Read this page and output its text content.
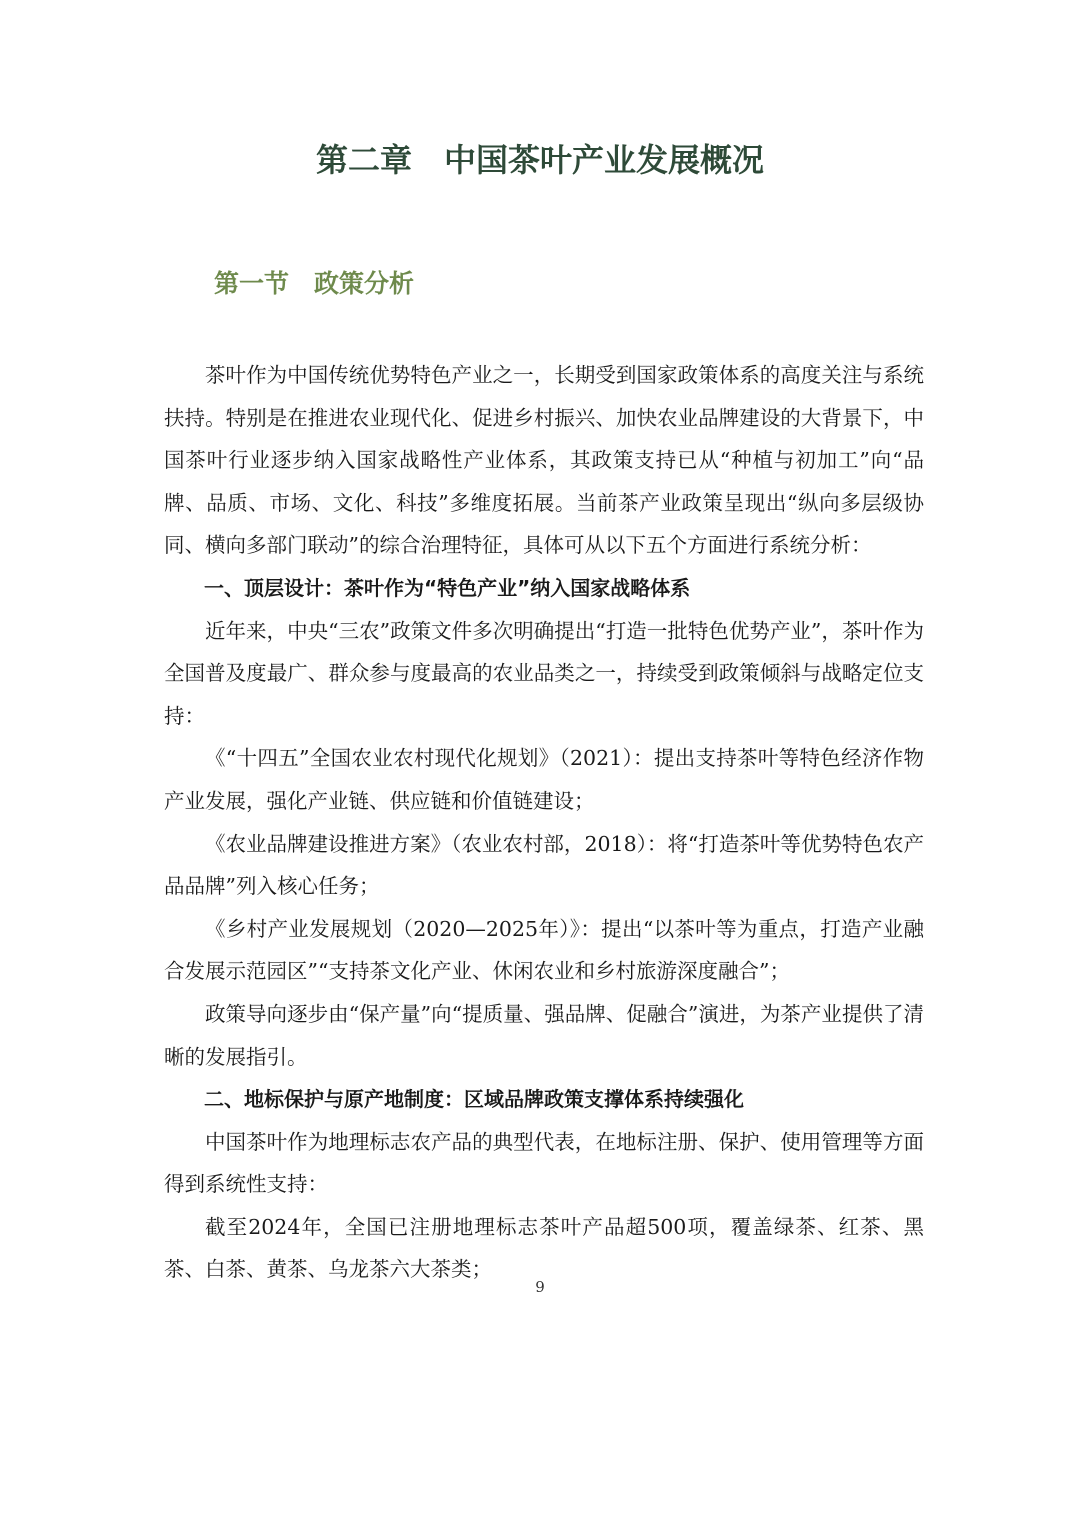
第二章　中国茶叶产业发展概况
第一节　政策分析

茶叶作为中国传统优势特色产业之一，长期受到国家政策体系的高度关注与系统扶持。特别是在推进农业现代化、促进乡村振兴、加快农业品牌建设的大背景下，中国茶叶行业逐步纳入国家战略性产业体系，其政策支持已从“种植与初加工”向“品牌、品质、市场、文化、科技”多维度拓展。当前茶产业政策呈现出“纵向多层级协同、横向多部门联动”的综合治理特征，具体可从以下五个方面进行系统分析：

一、顶层设计：茶叶作为“特色产业”纳入国家战略体系

近年来，中央“三农”政策文件多次明确提出“打造一批特色优势产业”，茶叶作为全国普及度最广、群众参与度最高的农业品类之一，持续受到政策倾斜与战略定位支持：

《“十四五”全国农业农村现代化规划》（2021）：提出支持茶叶等特色经济作物产业发展，强化产业链、供应链和价值链建设；

《农业品牌建设推进方案》（农业农村部，2018）：将“打造茶叶等优势特色农产品品牌”列入核心任务；

《乡村产业发展规划（2020—2025年）》：提出“以茶叶等为重点，打造产业融合发展示范园区”“支持茶文化产业、休闲农业和乡村旅游深度融合”；

政策导向逐步由“保产量”向“提质量、强品牌、促融合”演进，为茶产业提供了清晰的发展指引。

二、地标保护与原产地制度：区域品牌政策支撑体系持续强化

中国茶叶作为地理标志农产品的典型代表，在地标注册、保护、使用管理等方面得到系统性支持：

截至2024年，全国已注册地理标志茶叶产品超500项，覆盖绿茶、红茶、黑茶、白茶、黄茶、乌龙茶六大茶类；

9
